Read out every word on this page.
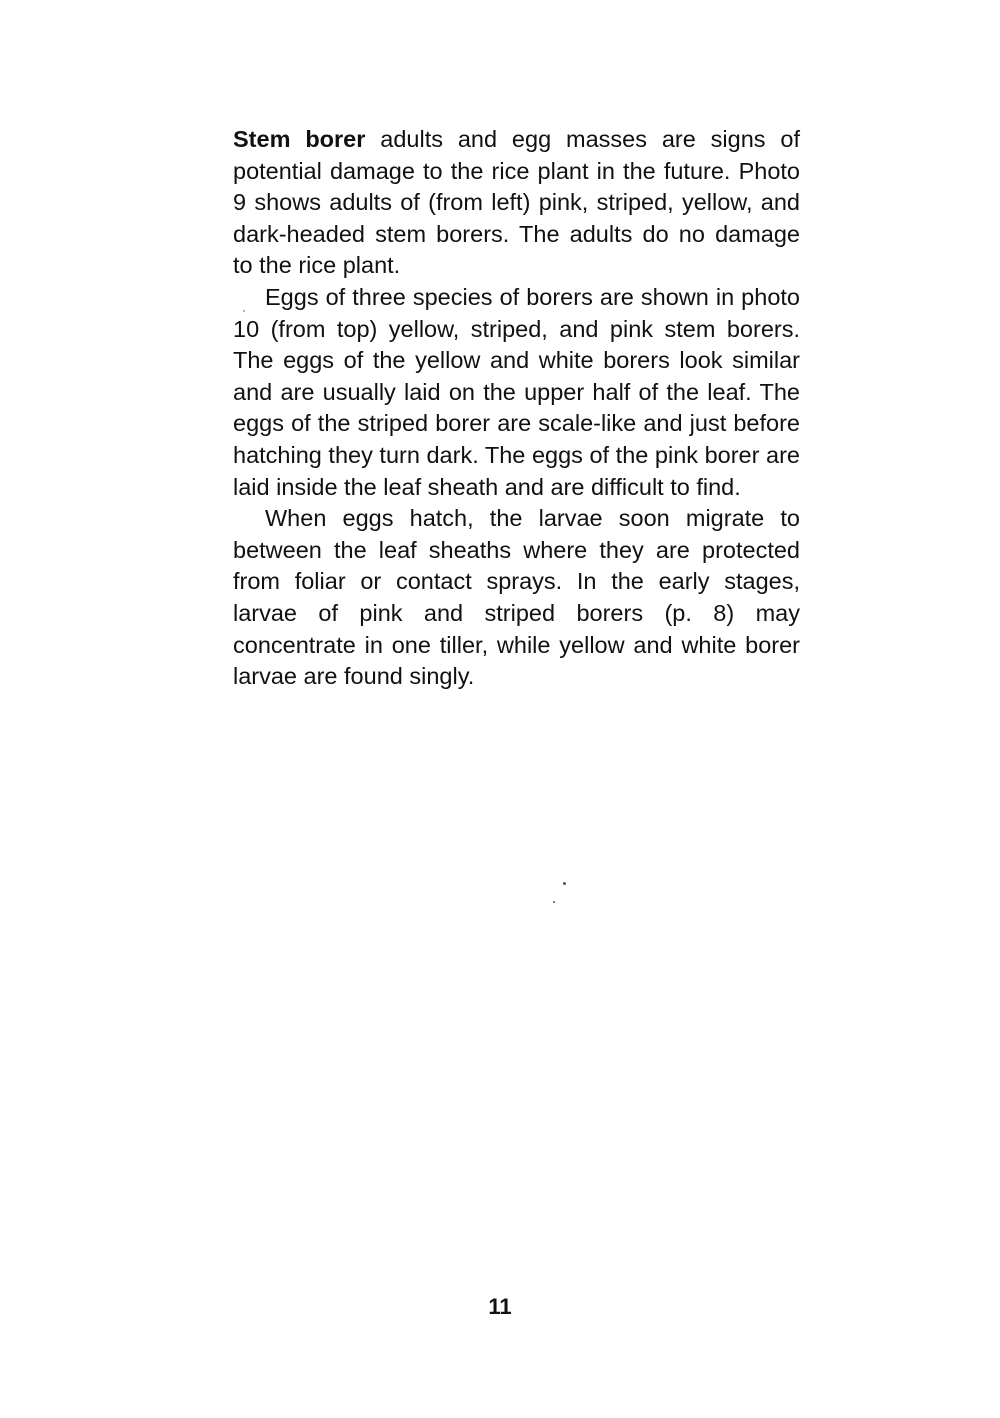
Stem borer adults and egg masses are signs of potential damage to the rice plant in the future. Photo 9 shows adults of (from left) pink, striped, yellow, and dark-headed stem borers. The adults do no damage to the rice plant.

Eggs of three species of borers are shown in photo 10 (from top) yellow, striped, and pink stem borers. The eggs of the yellow and white borers look similar and are usually laid on the upper half of the leaf. The eggs of the striped borer are scale-like and just before hatching they turn dark. The eggs of the pink borer are laid inside the leaf sheath and are difficult to find.

When eggs hatch, the larvae soon migrate to between the leaf sheaths where they are protected from foliar or contact sprays. In the early stages, larvae of pink and striped borers (p. 8) may concentrate in one tiller, while yellow and white borer larvae are found singly.

11
